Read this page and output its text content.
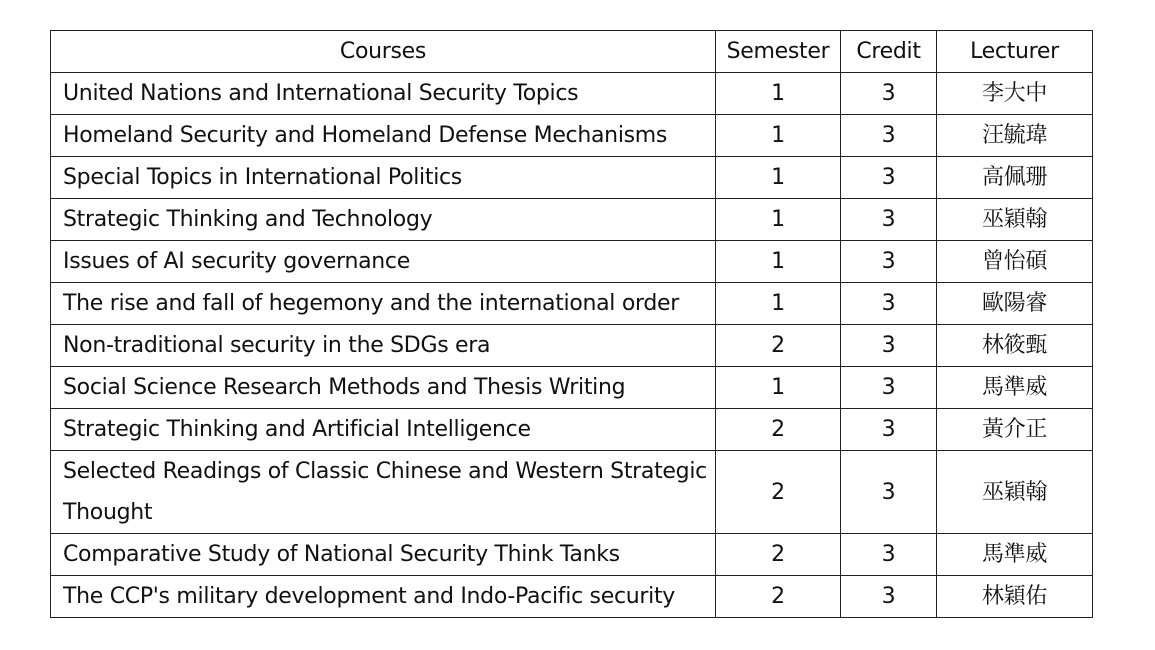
Courses	Semester	Credit	Lecturer
United Nations and International Security Topics	1	3	李大中
Homeland Security and Homeland Defense Mechanisms	1	3	汪毓瑋
Special Topics in International Politics	1	3	高佩珊
Strategic Thinking and Technology	1	3	巫穎翰
Issues of AI security governance	1	3	曾怡碩
The rise and fall of hegemony and the international order	1	3	歐陽睿
Non-traditional security in the SDGs era	2	3	林筱甄
Social Science Research Methods and Thesis Writing	1	3	馬準威
Strategic Thinking and Artificial Intelligence	2	3	黃介正
Selected Readings of Classic Chinese and Western Strategic Thought	2	3	巫穎翰
Comparative Study of National Security Think Tanks	2	3	馬準威
The CCP's military development and Indo-Pacific security	2	3	林穎佑
